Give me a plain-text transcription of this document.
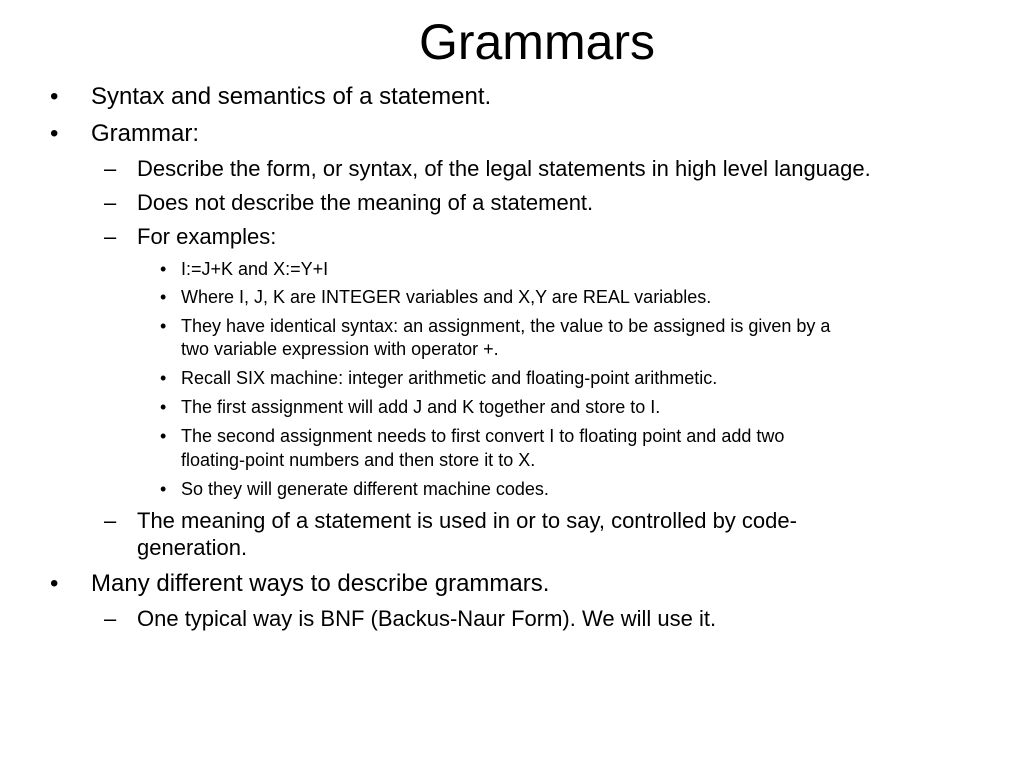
Grammars
• Syntax and semantics of a statement.
• Grammar:
– Describe the form, or syntax, of the legal statements in high level language.
– Does not describe the meaning of a statement.
– For examples:
• I:=J+K and X:=Y+I
• Where I, J, K are INTEGER variables and X,Y are REAL variables.
• They have identical syntax: an assignment, the value to be assigned is given by a
two variable expression with operator +.
• Recall SIX machine: integer arithmetic and floating-point arithmetic.
• The first assignment will add J and K together and store to I.
• The second assignment needs to first convert I to floating point and add two
floating-point numbers and then store it to X.
• So they will generate different machine codes.
– The meaning of a statement is used in or to say, controlled by code-
generation.
• Many different ways to describe grammars.
– One typical way is BNF (Backus-Naur Form). We will use it.
